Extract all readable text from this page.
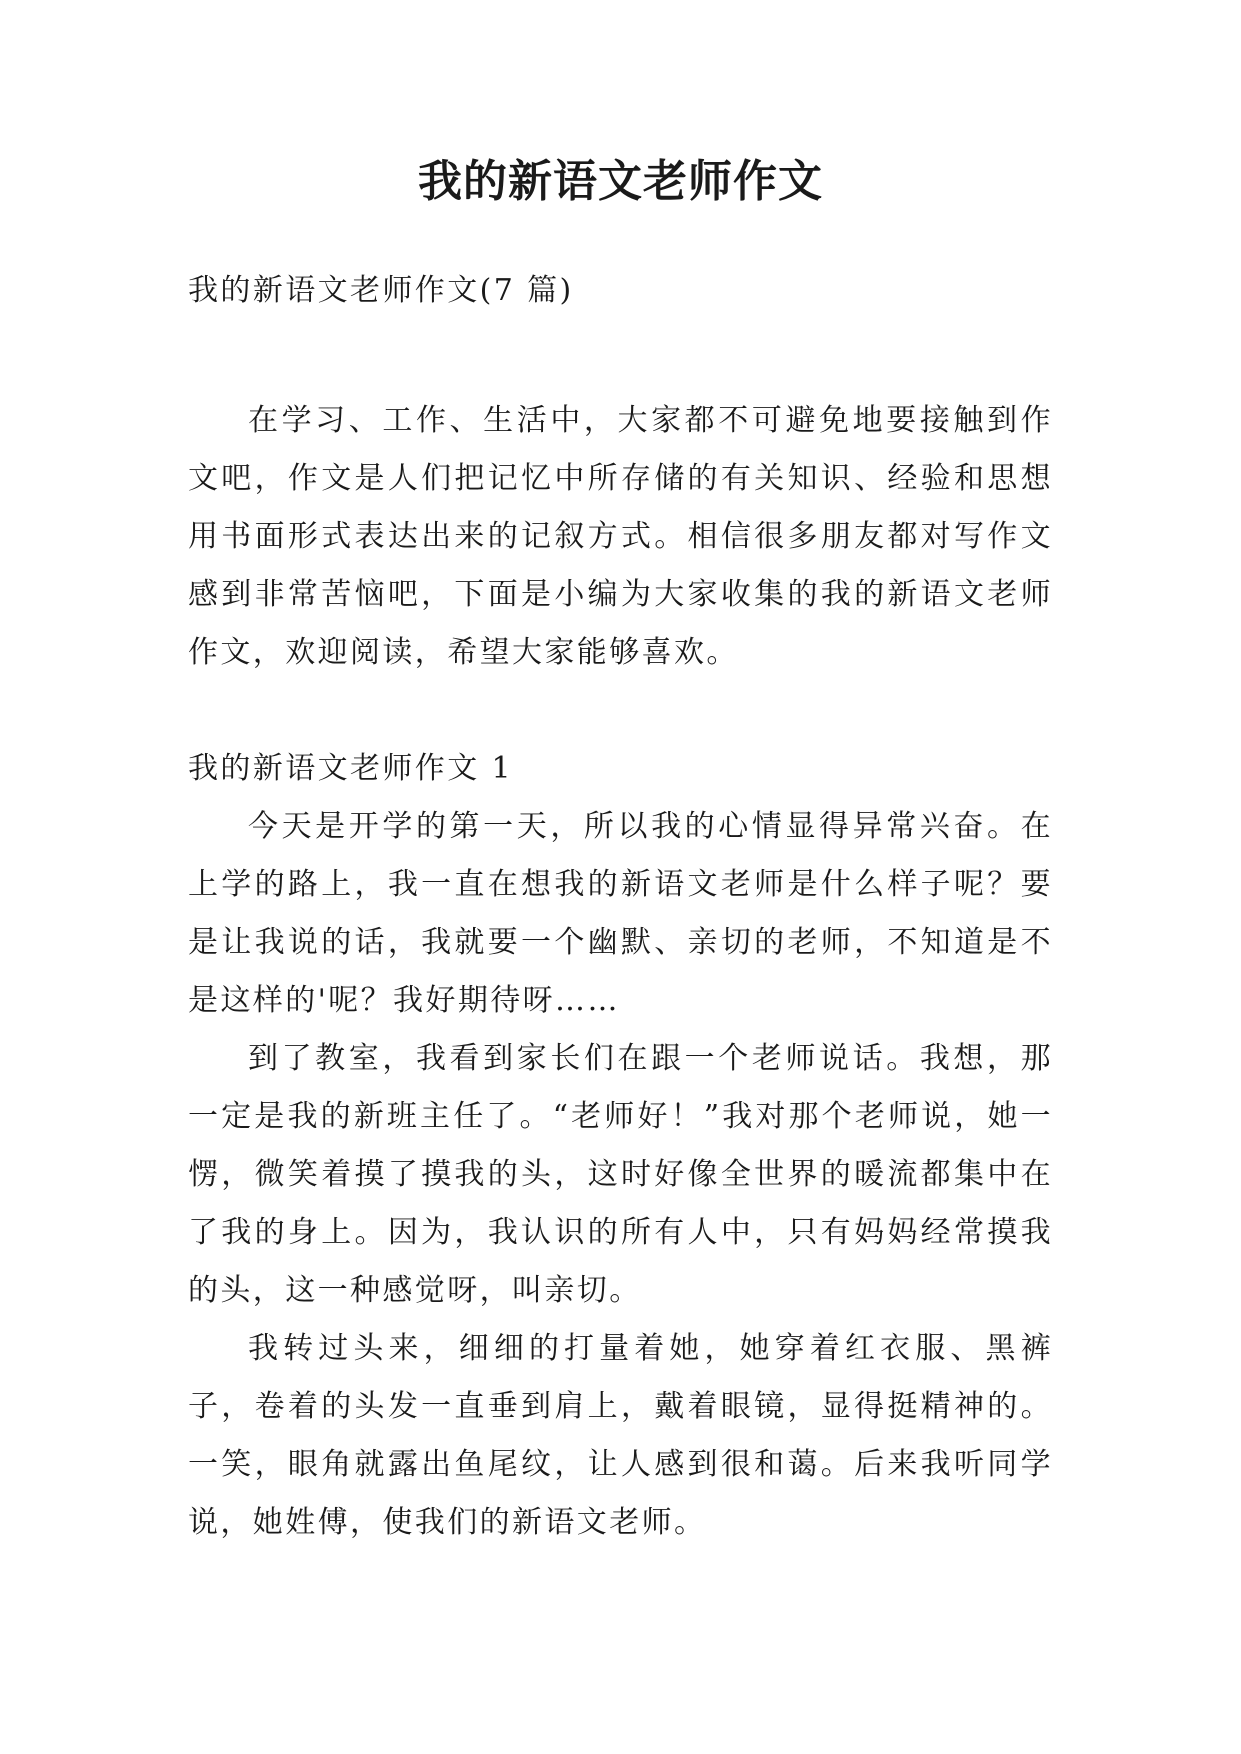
我的新语文老师作文

我的新语文老师作文(7 篇)

在学习、工作、生活中，大家都不可避免地要接触到作文吧，作文是人们把记忆中所存储的有关知识、经验和思想用书面形式表达出来的记叙方式。相信很多朋友都对写作文感到非常苦恼吧，下面是小编为大家收集的我的新语文老师作文，欢迎阅读，希望大家能够喜欢。

我的新语文老师作文 1

今天是开学的第一天，所以我的心情显得异常兴奋。在上学的路上，我一直在想我的新语文老师是什么样子呢？要是让我说的话，我就要一个幽默、亲切的老师，不知道是不是这样的'呢？我好期待呀……

到了教室，我看到家长们在跟一个老师说话。我想，那一定是我的新班主任了。“老师好！”我对那个老师说，她一愣，微笑着摸了摸我的头，这时好像全世界的暖流都集中在了我的身上。因为，我认识的所有人中，只有妈妈经常摸我的头，这一种感觉呀，叫亲切。

我转过头来，细细的打量着她，她穿着红衣服、黑裤子，卷着的头发一直垂到肩上，戴着眼镜，显得挺精神的。一笑，眼角就露出鱼尾纹，让人感到很和蔼。后来我听同学说，她姓傅，使我们的新语文老师。
